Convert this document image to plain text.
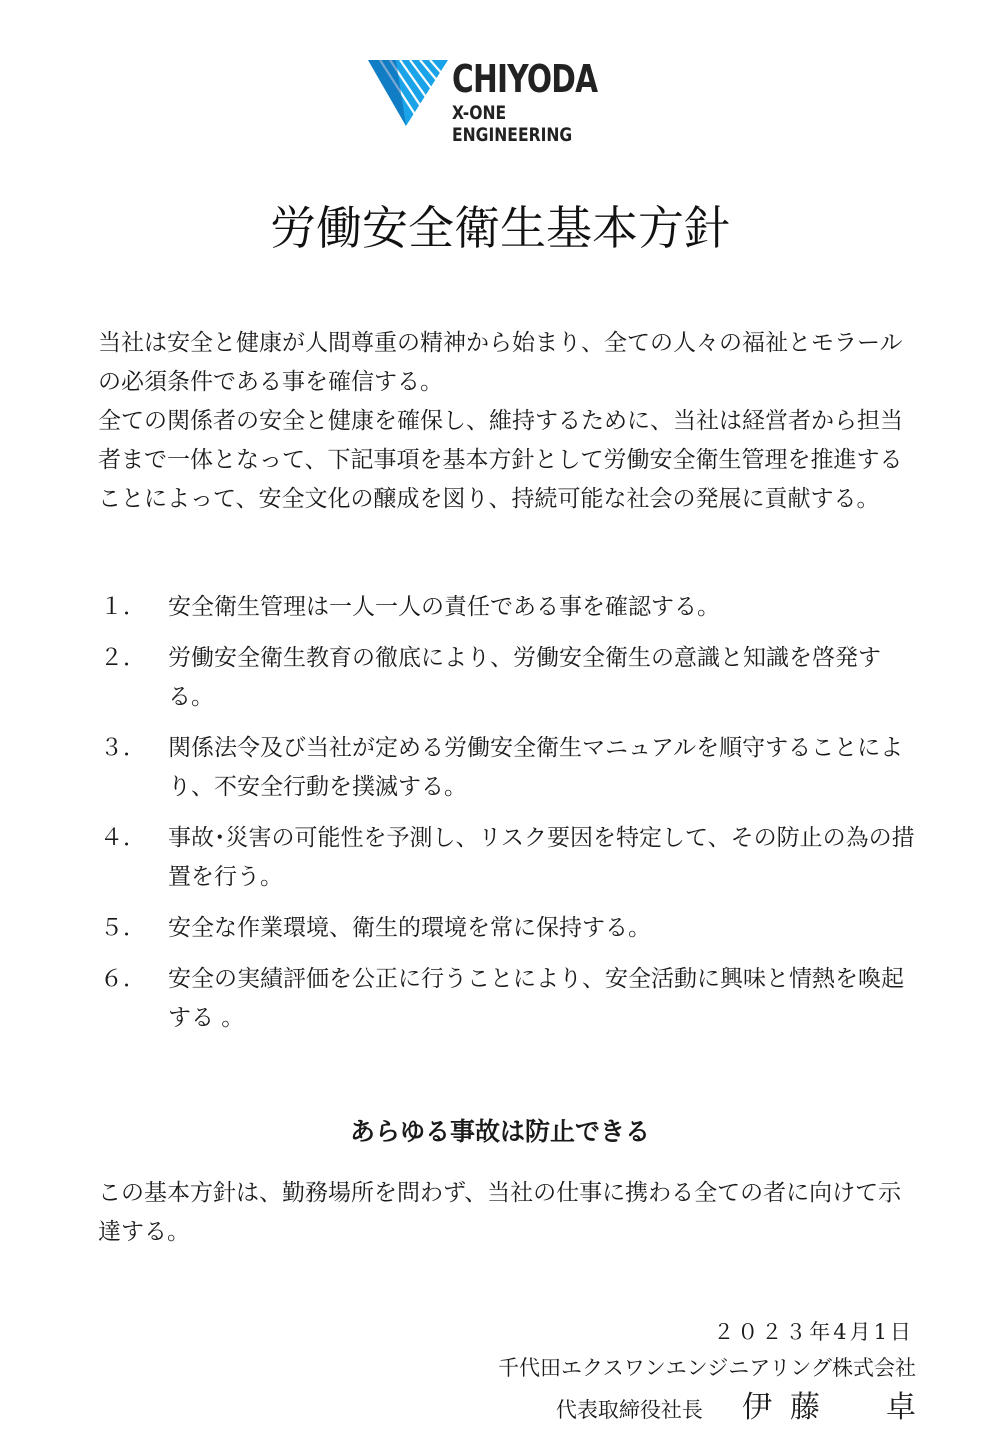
CHIYODA
X-ONE ENGINEERING
労働安全衛生基本方針

当社は安全と健康が人間尊重の精神から始まり、全ての人々の福祉とモラールの必須条件である事を確信する。

全ての関係者の安全と健康を確保し、維持するために、当社は経営者から担当者まで一体となって、下記事項を基本方針として労働安全衛生管理を推進することによって、安全文化の醸成を図り、持続可能な社会の発展に貢献する。

１． 安全衛生管理は一人一人の責任である事を確認する。
２． 労働安全衛生教育の徹底により、労働安全衛生の意識と知識を啓発する。
３． 関係法令及び当社が定める労働安全衛生マニュアルを順守することにより、不安全行動を撲滅する。
４． 事故･災害の可能性を予測し、リスク要因を特定して、その防止の為の措置を行う。
５． 安全な作業環境、衛生的環境を常に保持する。
６． 安全の実績評価を公正に行うことにより、安全活動に興味と情熱を喚起する 。
あらゆる事故は防止できる

この基本方針は、勤務場所を問わず、当社の仕事に携わる全ての者に向けて示達する。

２０２３年4月1日
千代田エクスワンエンジニアリング株式会社
代表取締役社長 伊藤　卓
